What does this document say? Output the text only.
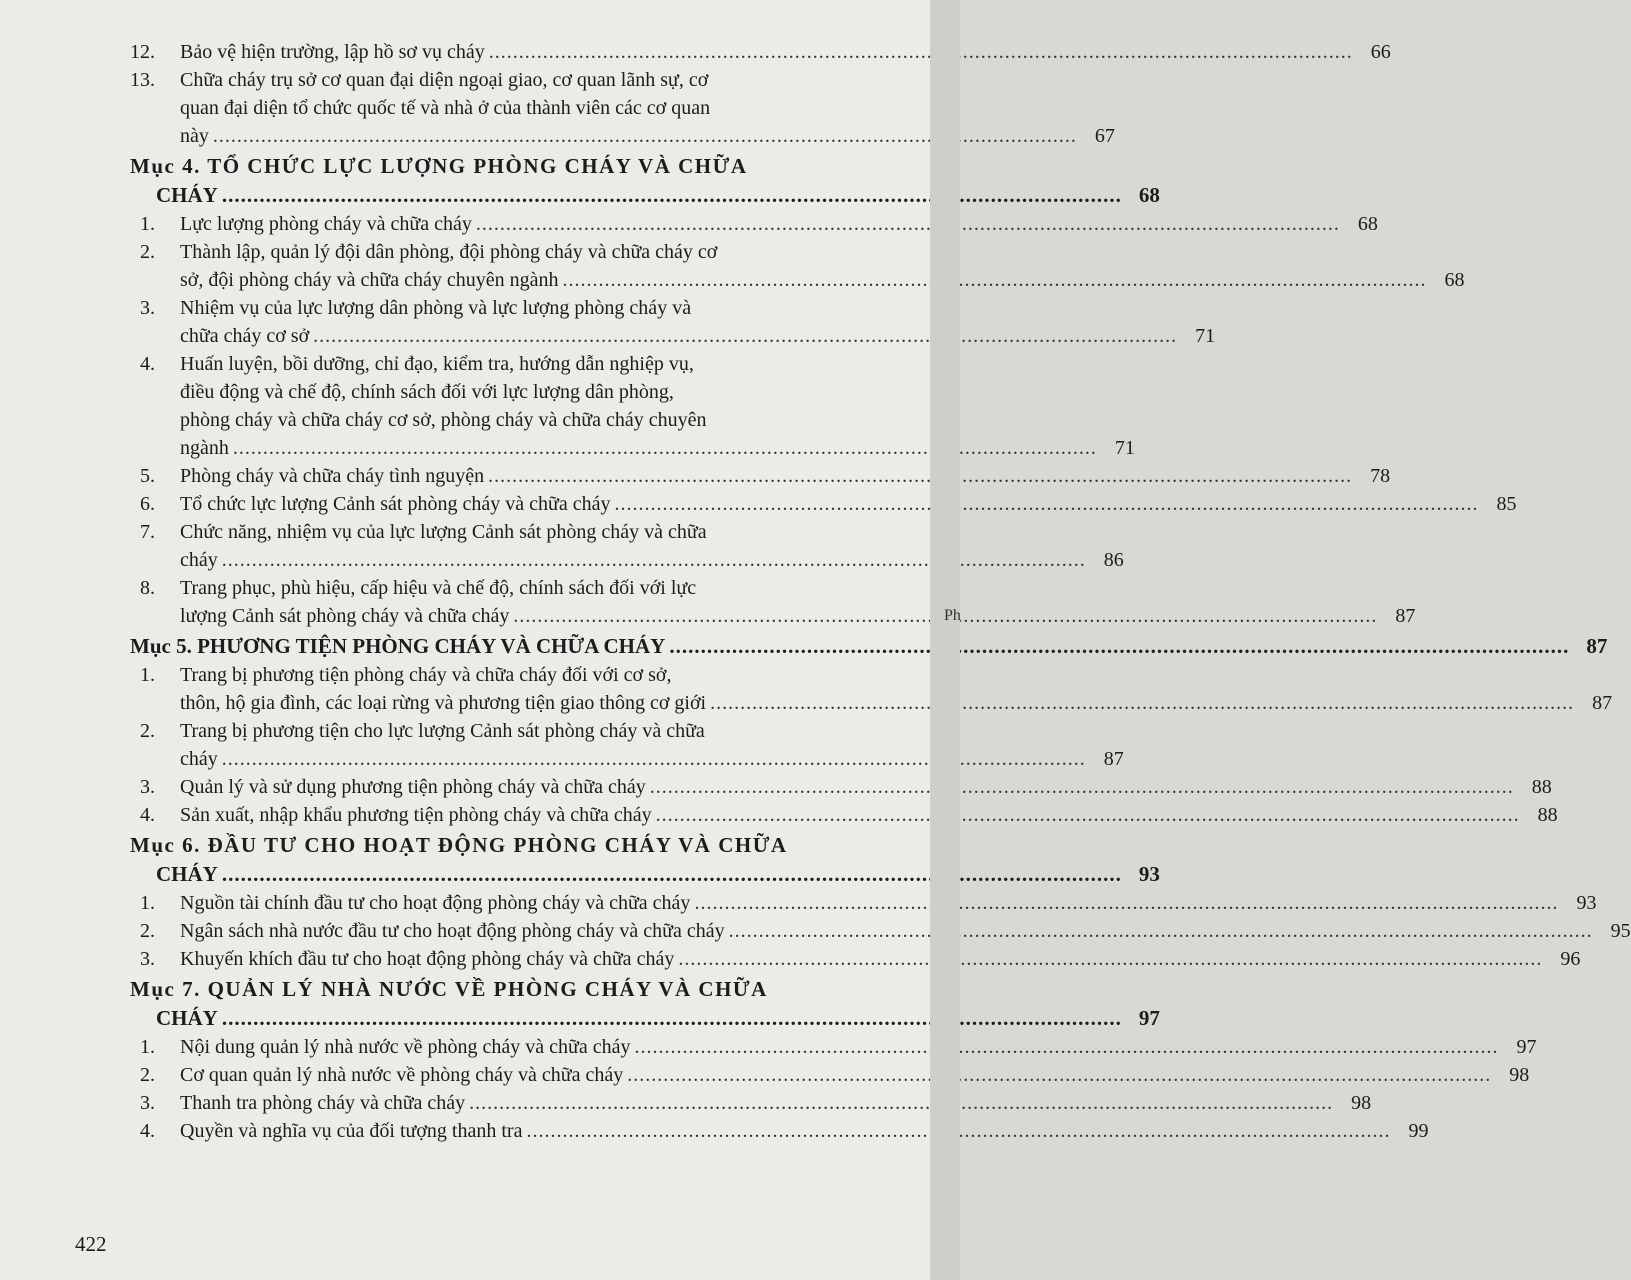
12.	Bảo vệ hiện trường, lập hồ sơ vụ cháy .....	66
13.	Chữa cháy trụ sở cơ quan đại diện ngoại giao, cơ quan lãnh sự, cơ
quan đại diện tổ chức quốc tế và nhà ở của thành viên các cơ quan
này .....	67
Mục 4. TỔ CHỨC LỰC LƯỢNG PHÒNG CHÁY VÀ CHỮA
CHÁY .....	68
1.	Lực lượng phòng cháy và chữa cháy .....	68
2.	Thành lập, quản lý đội dân phòng, đội phòng cháy và chữa cháy cơ
sở, đội phòng cháy và chữa cháy chuyên ngành .....	68
3.	Nhiệm vụ của lực lượng dân phòng và lực lượng phòng cháy và
chữa cháy cơ sở .....	71
4.	Huấn luyện, bồi dưỡng, chỉ đạo, kiểm tra, hướng dẫn nghiệp vụ,
điều động và chế độ, chính sách đối với lực lượng dân phòng,
phòng cháy và chữa cháy cơ sở, phòng cháy và chữa cháy chuyên
ngành .....	71
5.	Phòng cháy và chữa cháy tình nguyện .....	78
6.	Tổ chức lực lượng Cảnh sát phòng cháy và chữa cháy .....	85
7.	Chức năng, nhiệm vụ của lực lượng Cảnh sát phòng cháy và chữa
cháy .....	86
8.	Trang phục, phù hiệu, cấp hiệu và chế độ, chính sách đối với lực
lượng Cảnh sát phòng cháy và chữa cháy .....	87
Mục 5. PHƯƠNG TIỆN PHÒNG CHÁY VÀ CHỮA CHÁY .....	87
1.	Trang bị phương tiện phòng cháy và chữa cháy đối với cơ sở,
thôn, hộ gia đình, các loại rừng và phương tiện giao thông cơ giới .....	87
2.	Trang bị phương tiện cho lực lượng Cảnh sát phòng cháy và chữa
cháy .....	87
3.	Quản lý và sử dụng phương tiện phòng cháy và chữa cháy .....	88
4.	Sản xuất, nhập khẩu phương tiện phòng cháy và chữa cháy .....	88
Mục 6. ĐẦU TƯ CHO HOẠT ĐỘNG PHÒNG CHÁY VÀ CHỮA
CHÁY .....	93
1.	Nguồn tài chính đầu tư cho hoạt động phòng cháy và chữa cháy .....	93
2.	Ngân sách nhà nước đầu tư cho hoạt động phòng cháy và chữa cháy .....	95
3.	Khuyến khích đầu tư cho hoạt động phòng cháy và chữa cháy .....	96
Mục 7. QUẢN LÝ NHÀ NƯỚC VỀ PHÒNG CHÁY VÀ CHỮA
CHÁY .....	97
1.	Nội dung quản lý nhà nước về phòng cháy và chữa cháy .....	97
2.	Cơ quan quản lý nhà nước về phòng cháy và chữa cháy .....	98
3.	Thanh tra phòng cháy và chữa cháy .....	98
4.	Quyền và nghĩa vụ của đối tượng thanh tra .....	99
422
Ph
